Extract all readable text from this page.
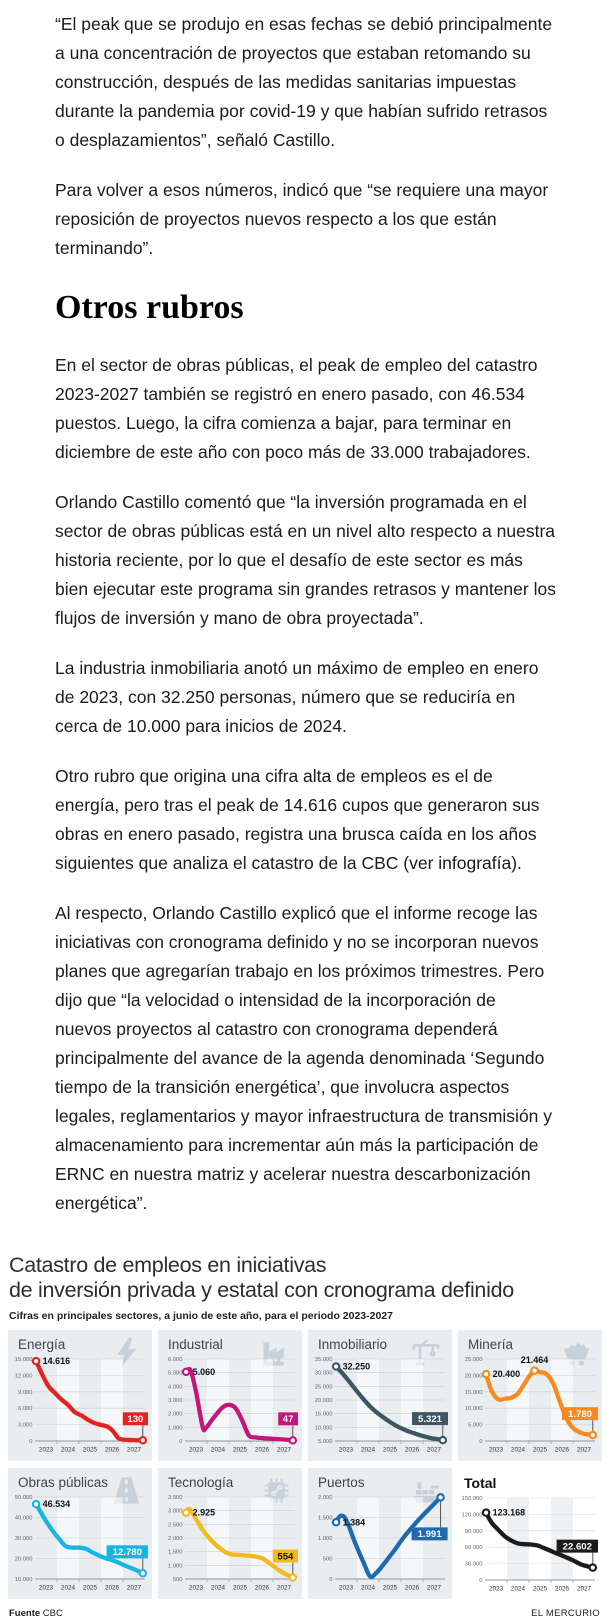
“El peak que se produjo en esas fechas se debió principalmente a una concentración de proyectos que estaban retomando su construcción, después de las medidas sanitarias impuestas durante la pandemia por covid-19 y que habían sufrido retrasos o desplazamientos”, señaló Castillo.

Para volver a esos números, indicó que “se requiere una mayor reposición de proyectos nuevos respecto a los que están terminando”.

Otros rubros

En el sector de obras públicas, el peak de empleo del catastro 2023-2027 también se registró en enero pasado, con 46.534 puestos. Luego, la cifra comienza a bajar, para terminar en diciembre de este año con poco más de 33.000 trabajadores.

Orlando Castillo comentó que “la inversión programada en el sector de obras públicas está en un nivel alto respecto a nuestra historia reciente, por lo que el desafío de este sector es más bien ejecutar este programa sin grandes retrasos y mantener los flujos de inversión y mano de obra proyectada”.

La industria inmobiliaria anotó un máximo de empleo en enero de 2023, con 32.250 personas, número que se reduciría en cerca de 10.000 para inicios de 2024.

Otro rubro que origina una cifra alta de empleos es el de energía, pero tras el peak de 14.616 cupos que generaron sus obras en enero pasado, registra una brusca caída en los años siguientes que analiza el catastro de la CBC (ver infografía).

Al respecto, Orlando Castillo explicó que el informe recoge las iniciativas con cronograma definido y no se incorporan nuevos planes que agregarían trabajo en los próximos trimestres. Pero dijo que “la velocidad o intensidad de la incorporación de nuevos proyectos al catastro con cronograma dependerá principalmente del avance de la agenda denominada ‘Segundo tiempo de la transición energética’, que involucra aspectos legales, reglamentarios y mayor infraestructura de transmisión y almacenamiento para incrementar aún más la participación de ERNC en nuestra matriz y acelerar nuestra descarbonización energética”.

Catastro de empleos en iniciativas
de inversión privada y estatal con cronograma definido
Cifras en principales sectores, a junio de este año, para el periodo 2023-2027
Energía
0
3.000
6.000
9.000
12.000
15.000
2023 2024 2025 2026 2027
130
14.616
Industrial
0
1.000
2.000
3.000
4.000
5.000
6.000
2023 2024 2025 2026 2027
47
5.060
Inmobiliario
5.000
10.000
15.000
20.000
25.000
30.000
35.000
2023 2024 2025 2026 2027
5.321
32.250
Minería
0
5.000
10.000
15.000
20.000
25.000
2023 2024 2025 2026 2027
1.780
21.464
20.400
Obras públicas
10.000
20.000
30.000
40.000
50.000
2023 2024 2025 2026 2027
12.780
46.534
Tecnología
500
1.000
1.500
2.000
2.500
3.000
3.500
2023 2024 2025 2026 2027
554
2.925
Puertos
0
500
1.000
1.500
2.000
2023 2024 2025 2026 2027
1.991
1.384
Total
0
30.000
60.000
90.000
120.000
150.000
2023 2024 2025 2026 2027
22.602
123.168
Fuente CBC	EL MERCURIO
